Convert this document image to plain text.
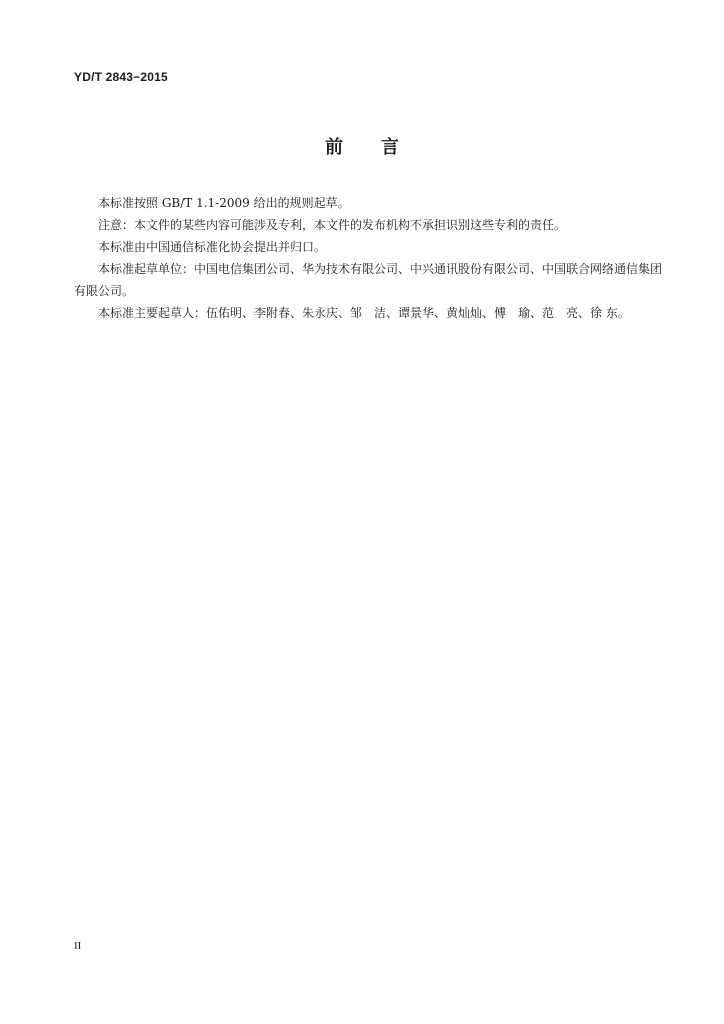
YD/T 2843−2015
前 言

本标准按照 GB/T 1.1-2009 给出的规则起草。

注意：本文件的某些内容可能涉及专利，本文件的发布机构不承担识别这些专利的责任。

本标准由中国通信标准化协会提出并归口。

本标准起草单位：中国电信集团公司、华为技术有限公司、中兴通讯股份有限公司、中国联合网络通信集团有限公司。

本标准主要起草人：伍佑明、李附春、朱永庆、邹　洁、谭景华、黄灿灿、傅　瑜、范　亮、徐 东。

II
